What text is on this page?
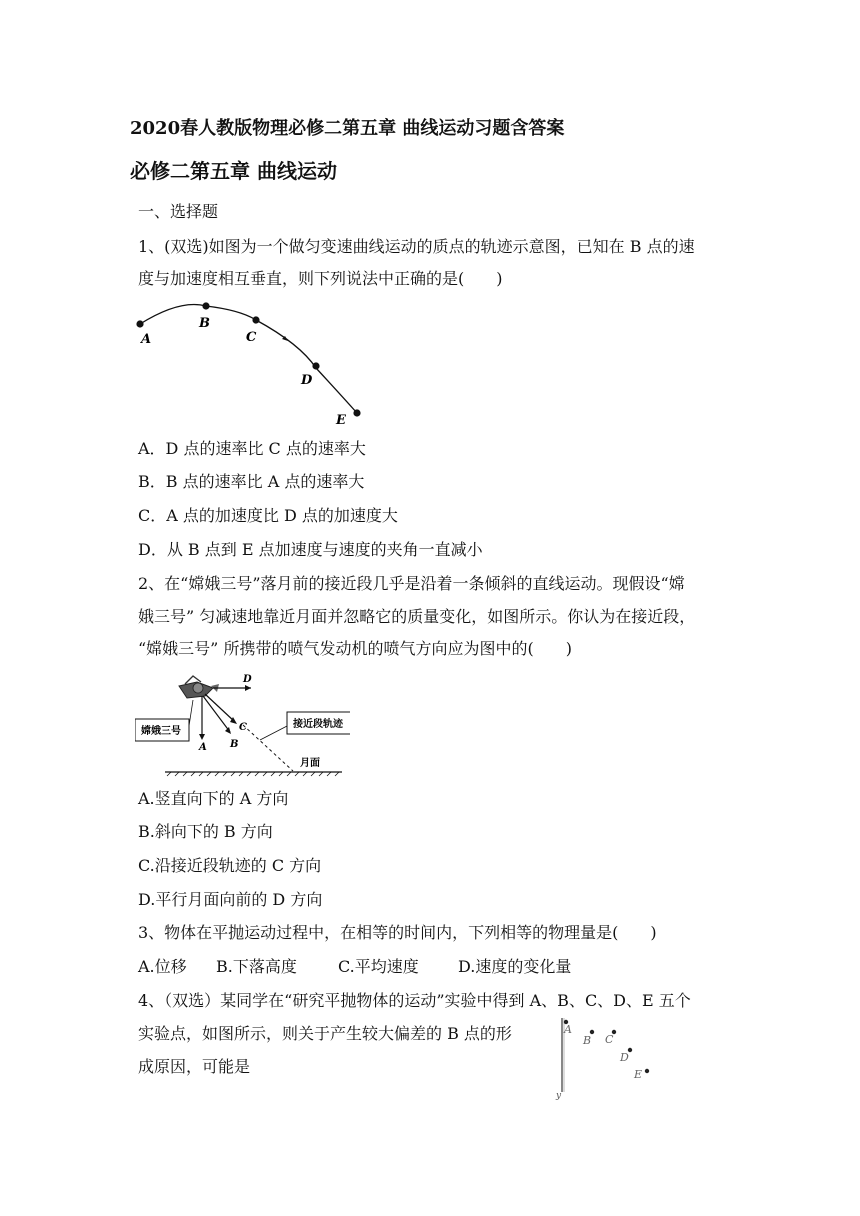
2020春人教版物理必修二第五章 曲线运动习题含答案
必修二第五章 曲线运动
一、选择题
1、(双选)如图为一个做匀变速曲线运动的质点的轨迹示意图，已知在 B 点的速
度与加速度相互垂直，则下列说法中正确的是(　　)
A
B
C
D
E
A．D 点的速率比 C 点的速率大
B．B 点的速率比 A 点的速率大
C．A 点的加速度比 D 点的加速度大
D．从 B 点到 E 点加速度与速度的夹角一直减小
2、在“嫦娥三号”落月前的接近段几乎是沿着一条倾斜的直线运动。现假设“嫦
娥三号” 匀减速地靠近月面并忽略它的质量变化，如图所示。你认为在接近段，
“嫦娥三号” 所携带的喷气发动机的喷气方向应为图中的(　　)
D
A B
C
嫦娥三号
接近段轨迹
月面
A.竖直向下的 A 方向
B.斜向下的 B 方向
C.沿接近段轨迹的 C 方向
D.平行月面向前的 D 方向
3、物体在平抛运动过程中，在相等的时间内，下列相等的物理量是(　　)
A.位移 B.下落高度	C.平均速度 D.速度的变化量
4、（双选）某同学在“研究平抛物体的运动”实验中得到 A、B、C、D、E 五个
实验点，如图所示，则关于产生较大偏差的 B 点的形
成原因，可能是
y
A
B C
D
E
